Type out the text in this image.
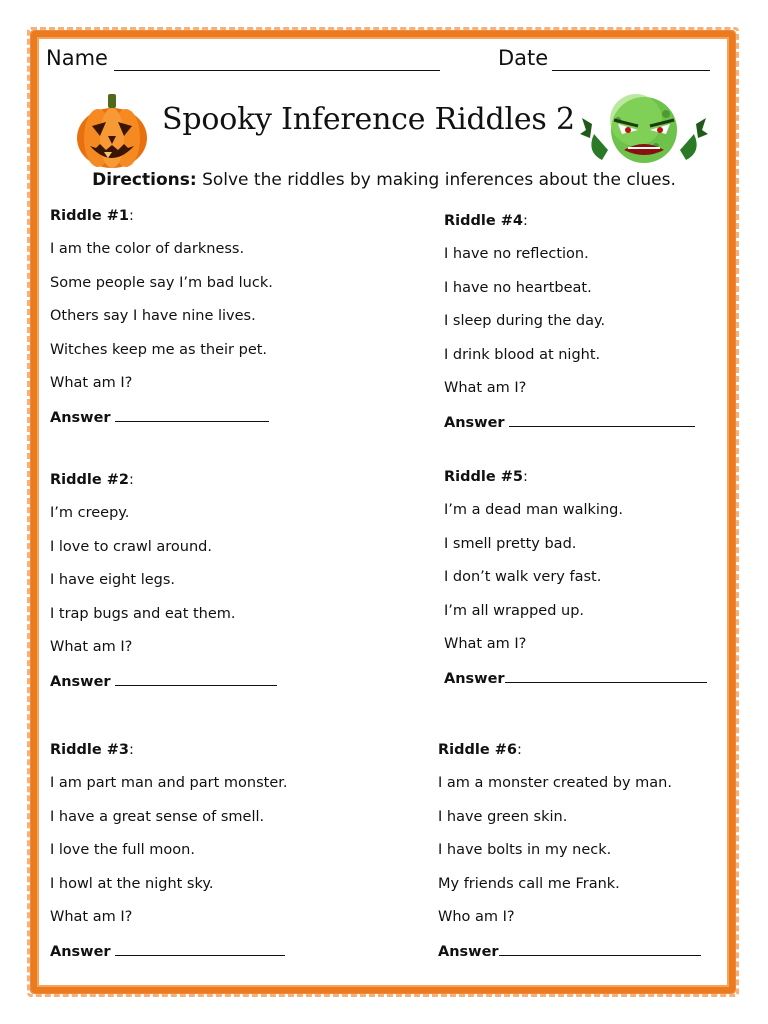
Name	Date
Spooky Inference Riddles 2
Directions: Solve the riddles by making inferences about the clues.
Riddle #1:
I am the color of darkness.
Some people say I’m bad luck.
Others say I have nine lives.
Witches keep me as their pet.
What am I?
Answer
Riddle #2:
I’m creepy.
I love to crawl around.
I have eight legs.
I trap bugs and eat them.
What am I?
Answer
Riddle #3:
I am part man and part monster.
I have a great sense of smell.
I love the full moon.
I howl at the night sky.
What am I?
Answer
Riddle #4:
I have no reflection.
I have no heartbeat.
I sleep during the day.
I drink blood at night.
What am I?
Answer
Riddle #5:
I’m a dead man walking.
I smell pretty bad.
I don’t walk very fast.
I’m all wrapped up.
What am I?
Answer
Riddle #6:
I am a monster created by man.
I have green skin.
I have bolts in my neck.
My friends call me Frank.
Who am I?
Answer
